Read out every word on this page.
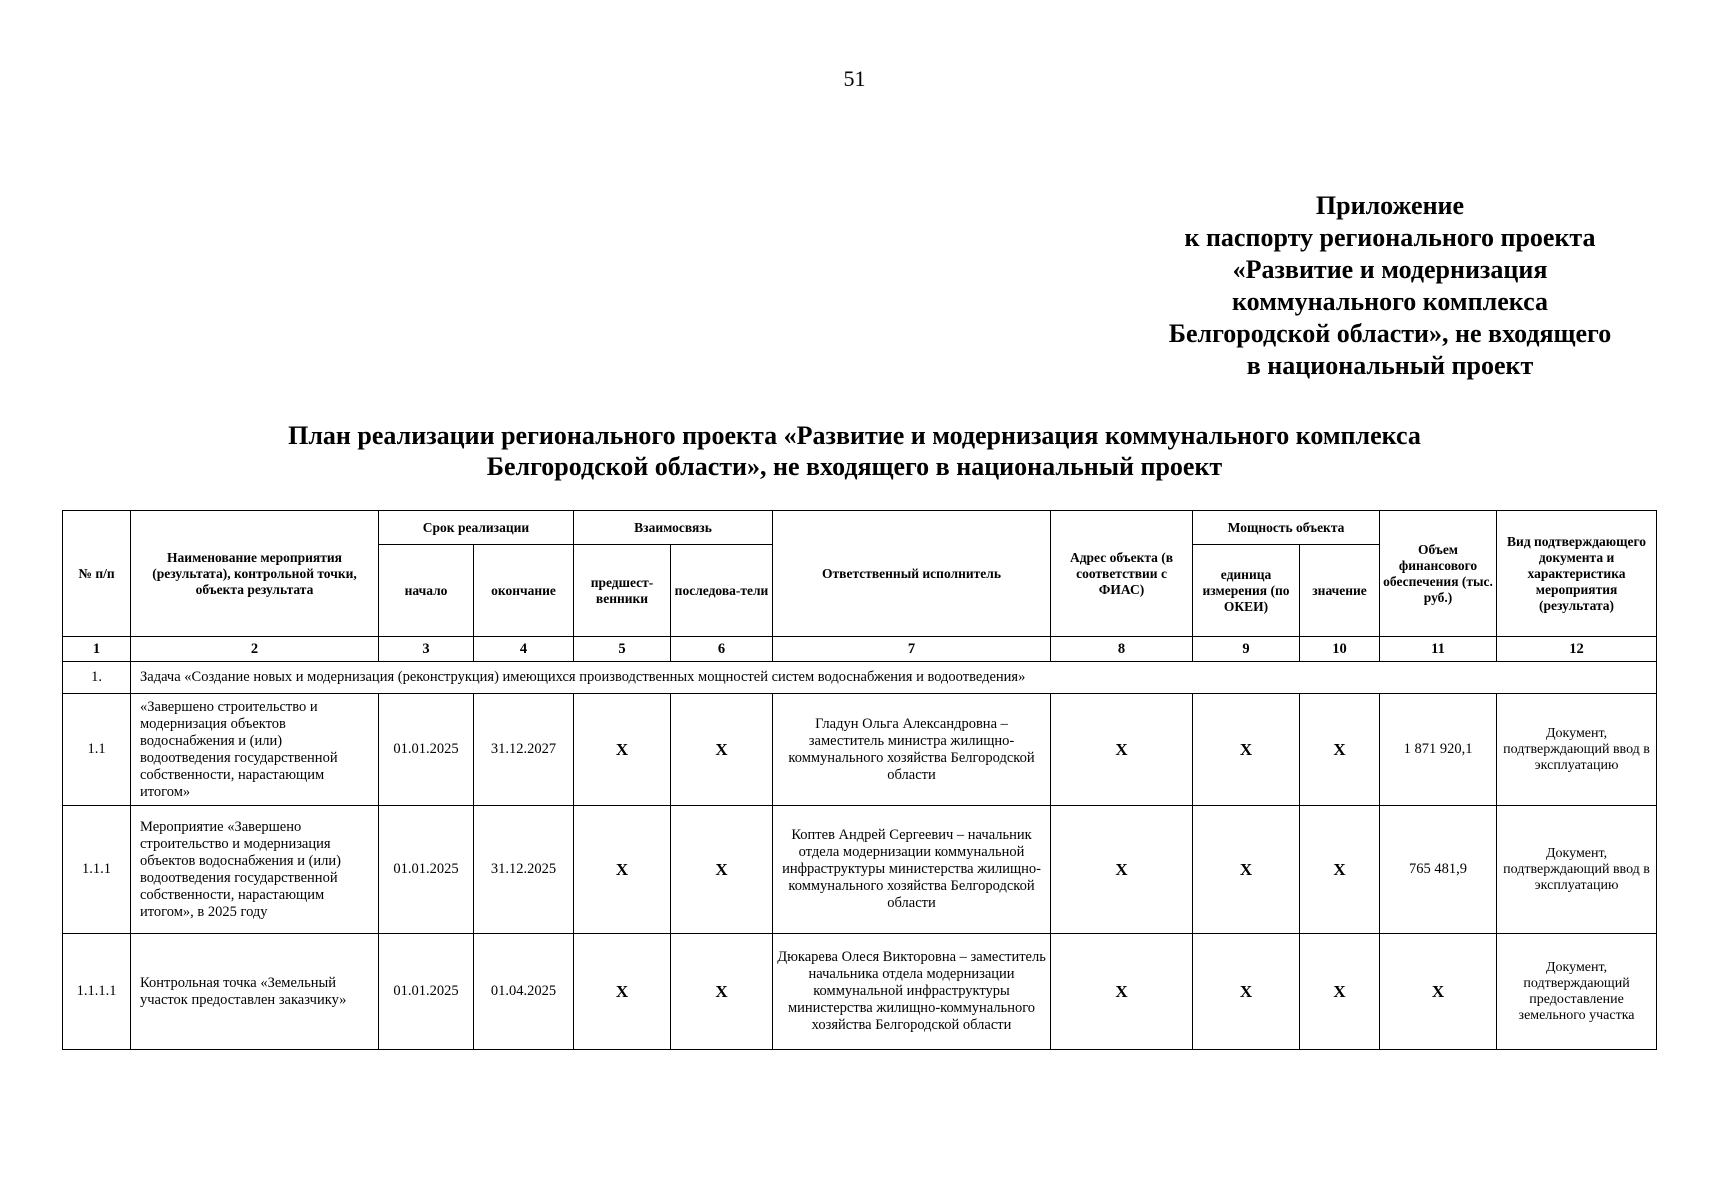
51
Приложение
к паспорту регионального проекта
«Развитие и модернизация
коммунального комплекса
Белгородской области», не входящего
в национальный проект
План реализации регионального проекта «Развитие и модернизация коммунального комплекса
Белгородской области», не входящего в национальный проект
№ п/п	Наименование мероприятия (результата), контрольной точки, объекта результата	Срок реализации		Взаимосвязь		Ответственный исполнитель	Адрес объекта (в соответствии с ФИАС)	Мощность объекта		Объем финансового обеспечения (тыс. руб.)	Вид подтверждающего документа и характеристика мероприятия (результата)
		начало	окончание	предшест-венники	последова-тели			единица измерения (по ОКЕИ)	значение		
1	2	3	4	5	6	7	8	9	10	11	12
1.	Задача «Создание новых и модернизация (реконструкция) имеющихся производственных мощностей систем водоснабжения и водоотведения»										
1.1	«Завершено строительство и модернизация объектов водоснабжения и (или) водоотведения государственной собственности, нарастающим итогом»	01.01.2025	31.12.2027	X	X	Гладун Ольга Александровна – заместитель министра жилищно-коммунального хозяйства Белгородской области	X	X	X	1 871 920,1	Документ, подтверждающий ввод в эксплуатацию
1.1.1	Мероприятие «Завершено строительство и модернизация объектов водоснабжения и (или) водоотведения государственной собственности, нарастающим итогом», в 2025 году	01.01.2025	31.12.2025	X	X	Коптев Андрей Сергеевич – начальник отдела модернизации коммунальной инфраструктуры министерства жилищно-коммунального хозяйства Белгородской области	X	X	X	765 481,9	Документ, подтверждающий ввод в эксплуатацию
1.1.1.1	Контрольная точка «Земельный участок предоставлен заказчику»	01.01.2025	01.04.2025	X	X	Дюкарева Олеся Викторовна – заместитель начальника отдела модернизации коммунальной инфраструктуры министерства жилищно-коммунального хозяйства Белгородской области	X	X	X	X	Документ, подтверждающий предоставление земельного участка
